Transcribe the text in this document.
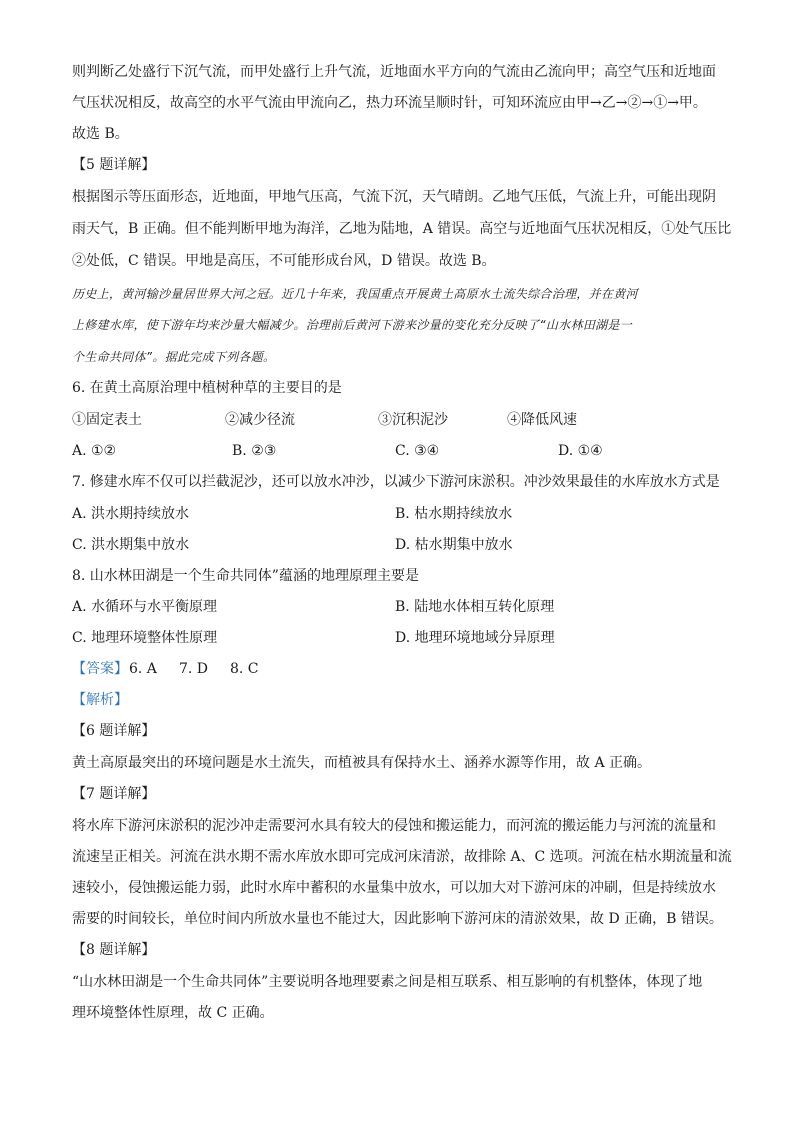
则判断乙处盛行下沉气流，而甲处盛行上升气流，近地面水平方向的气流由乙流向甲；高空气压和近地面
气压状况相反，故高空的水平气流由甲流向乙，热力环流呈顺时针，可知环流应由甲→乙→②→①→甲。
故选 B。
【5 题详解】
根据图示等压面形态，近地面，甲地气压高，气流下沉，天气晴朗。乙地气压低，气流上升，可能出现阴
雨天气，B 正确。但不能判断甲地为海洋，乙地为陆地，A 错误。高空与近地面气压状况相反，①处气压比
②处低，C 错误。甲地是高压，不可能形成台风，D 错误。故选 B。
历史上，黄河输沙量居世界大河之冠。近几十年来，我国重点开展黄土高原水土流失综合治理，并在黄河
上修建水库，使下游年均来沙量大幅减少。治理前后黄河下游来沙量的变化充分反映了“山水林田湖是一
个生命共同体”。据此完成下列各题。
6. 在黄土高原治理中植树种草的主要目的是
①固定表土	②减少径流	③沉积泥沙	④降低风速
A. ①②	B. ②③	C. ③④	D. ①④
7. 修建水库不仅可以拦截泥沙，还可以放水冲沙，以减少下游河床淤积。冲沙效果最佳的水库放水方式是
A. 洪水期持续放水	B. 枯水期持续放水
C. 洪水期集中放水	D. 枯水期集中放水
8. 山水林田湖是一个生命共同体”蕴涵的地理原理主要是
A. 水循环与水平衡原理	B. 陆地水体相互转化原理
C. 地理环境整体性原理	D. 地理环境地域分异原理
【答案】 6. A 7. D 8. C
【解析】
【6 题详解】
黄土高原最突出的环境问题是水土流失，而植被具有保持水土、涵养水源等作用，故 A 正确。
【7 题详解】
将水库下游河床淤积的泥沙冲走需要河水具有较大的侵蚀和搬运能力，而河流的搬运能力与河流的流量和
流速呈正相关。河流在洪水期不需水库放水即可完成河床清淤，故排除 A、C 选项。河流在枯水期流量和流
速较小，侵蚀搬运能力弱，此时水库中蓄积的水量集中放水，可以加大对下游河床的冲刷，但是持续放水
需要的时间较长，单位时间内所放水量也不能过大，因此影响下游河床的清淤效果，故 D 正确，B 错误。
【8 题详解】
“山水林田湖是一个生命共同体”主要说明各地理要素之间是相互联系、相互影响的有机整体，体现了地
理环境整体性原理，故 C 正确。
